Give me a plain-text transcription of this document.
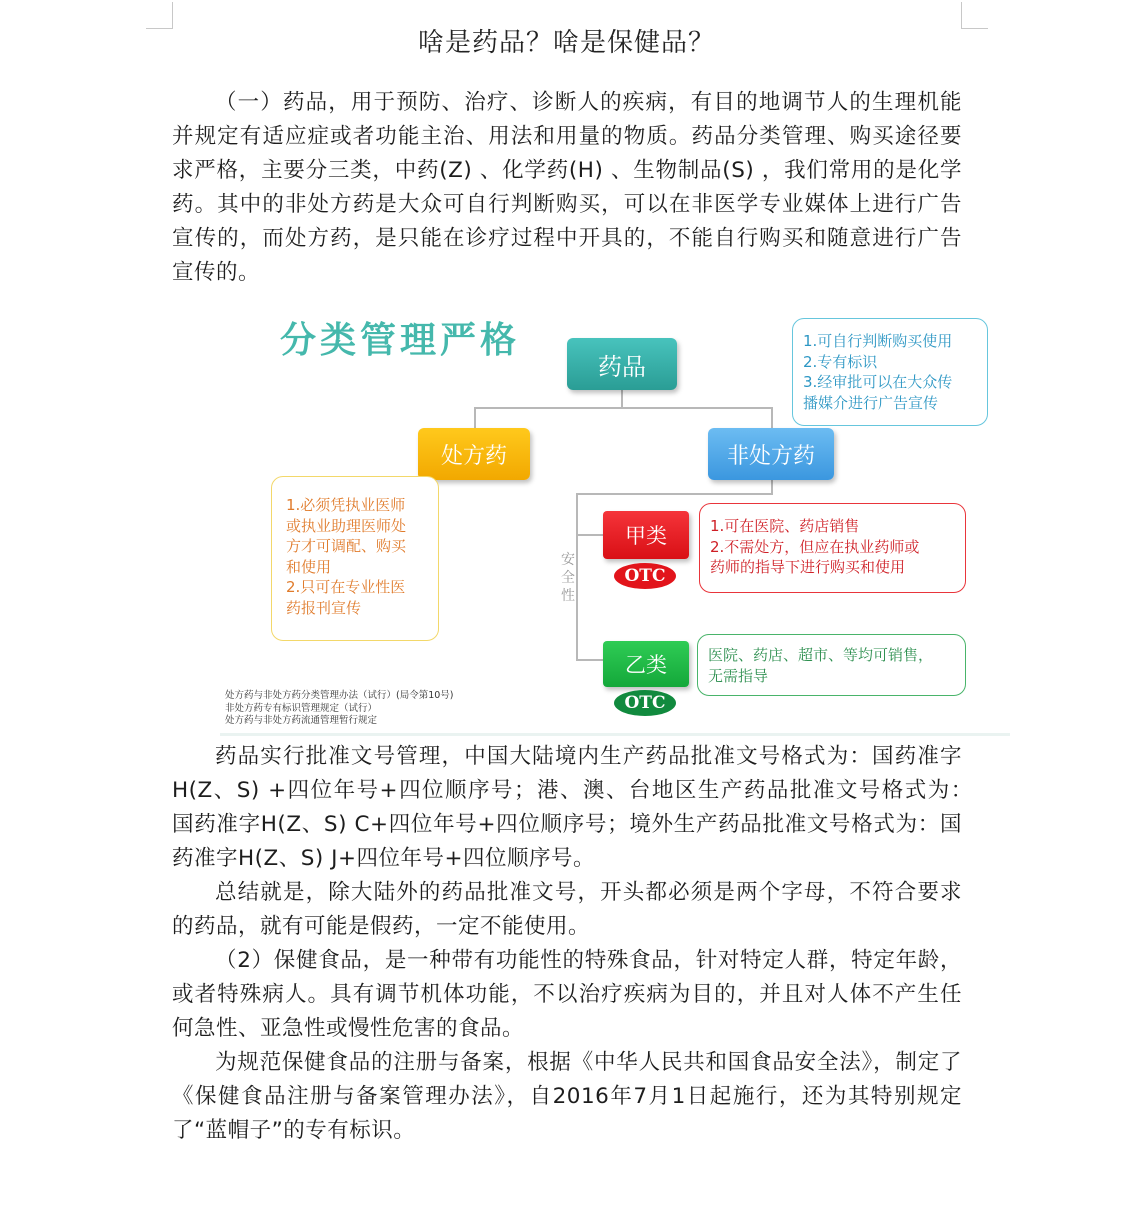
啥是药品？啥是保健品？

（一）药品，用于预防、治疗、诊断人的疾病，有目的地调节人的生理机能并规定有适应症或者功能主治、用法和用量的物质。药品分类管理、购买途径要求严格，主要分三类，中药(Z) 、化学药(H) 、生物制品(S) ，我们常用的是化学药。其中的非处方药是大众可自行判断购买，可以在非医学专业媒体上进行广告宣传的，而处方药，是只能在诊疗过程中开具的，不能自行购买和随意进行广告宣传的。

分类管理严格
药品
处方药	非处方药
甲类
乙类
OTC
OTC
1.可自行判断购买使用
2.专有标识
3.经审批可以在大众传
播媒介进行广告宣传
1.必须凭执业医师
或执业助理医师处
方才可调配、购买
和使用
2.只可在专业性医
药报刊宣传
1.可在医院、药店销售
2.不需处方，但应在执业药师或
药师的指导下进行购买和使用
医院、药店、超市、等均可销售，
无需指导
安全性
处方药与非处方药分类管理办法（试行）(局令第10号)
非处方药专有标识管理规定（试行）
处方药与非处方药流通管理暂行规定

药品实行批准文号管理，中国大陆境内生产药品批准文号格式为：国药准字H(Z、S) +四位年号+四位顺序号；港、澳、台地区生产药品批准文号格式为：　　国药准字H(Z、S) C+四位年号+四位顺序号；境外生产药品批准文号格式为：国药准字H(Z、S) J+四位年号+四位顺序号。

总结就是，除大陆外的药品批准文号，开头都必须是两个字母，不符合要求的药品，就有可能是假药，一定不能使用。

（2）保健食品，是一种带有功能性的特殊食品，针对特定人群，特定年龄，或者特殊病人。具有调节机体功能，不以治疗疾病为目的，并且对人体不产生任何急性、亚急性或慢性危害的食品。

为规范保健食品的注册与备案，根据《中华人民共和国食品安全法》，制定了《保健食品注册与备案管理办法》，自2016年7月1日起施行，还为其特别规定了“蓝帽子”的专有标识。
